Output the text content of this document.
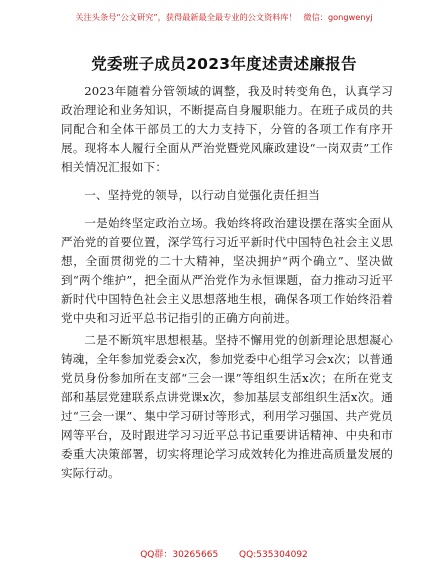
关注头条号“公文研究”，获得最新最全最专业的公文资料库！ 微信：gongwenyj
党委班子成员2023年度述责述廉报告

2023年随着分管领域的调整，我及时转变角色，认真学习政治理论和业务知识，不断提高自身履职能力。在班子成员的共同配合和全体干部员工的大力支持下，分管的各项工作有序开展。现将本人履行全面从严治党暨党风廉政建设“一岗双责”工作相关情况汇报如下：

一、坚持党的领导，以行动自觉强化责任担当

一是始终坚定政治立场。我始终将政治建设摆在落实全面从严治党的首要位置，深学笃行习近平新时代中国特色社会主义思想，全面贯彻党的二十大精神，坚决拥护“两个确立”、坚决做到“两个维护”，把全面从严治党作为永恒课题，奋力推动习近平新时代中国特色社会主义思想落地生根，确保各项工作始终沿着党中央和习近平总书记指引的正确方向前进。

二是不断筑牢思想根基。坚持不懈用党的创新理论思想凝心铸魂，全年参加党委会x次，参加党委中心组学习会x次；以普通党员身份参加所在支部“三会一课”等组织生活x次；在所在党支部和基层党建联系点讲党课x次，参加基层支部组织生活x次。通过“三会一课”、集中学习研讨等形式，利用学习强国、共产党员网等平台，及时跟进学习习近平总书记重要讲话精神、中央和市委重大决策部署，切实将理论学习成效转化为推进高质量发展的实际行动。

QQ群：30265665 QQ:535304092
